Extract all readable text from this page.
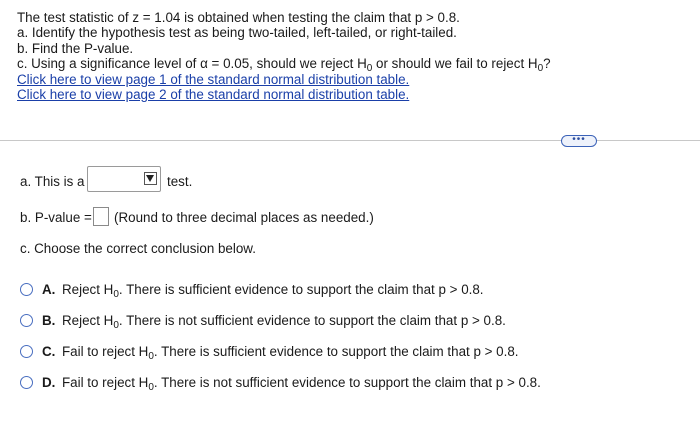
The test statistic of z = 1.04 is obtained when testing the claim that p > 0.8.
a. Identify the hypothesis test as being two-tailed, left-tailed, or right-tailed.
b. Find the P-value.
c. Using a significance level of α = 0.05, should we reject $H_0$ or should we fail to reject $H_0$?
Click here to view page 1 of the standard normal distribution table.
Click here to view page 2 of the standard normal distribution table.
•••
a. This is a	test.
b. P-value = (Round to three decimal places as needed.)
c. Choose the correct conclusion below.
A. Reject $H_0$. There is sufficient evidence to support the claim that p > 0.8.
B. Reject $H_0$. There is not sufficient evidence to support the claim that p > 0.8.
C. Fail to reject $H_0$. There is sufficient evidence to support the claim that p > 0.8.
D. Fail to reject $H_0$. There is not sufficient evidence to support the claim that p > 0.8.
